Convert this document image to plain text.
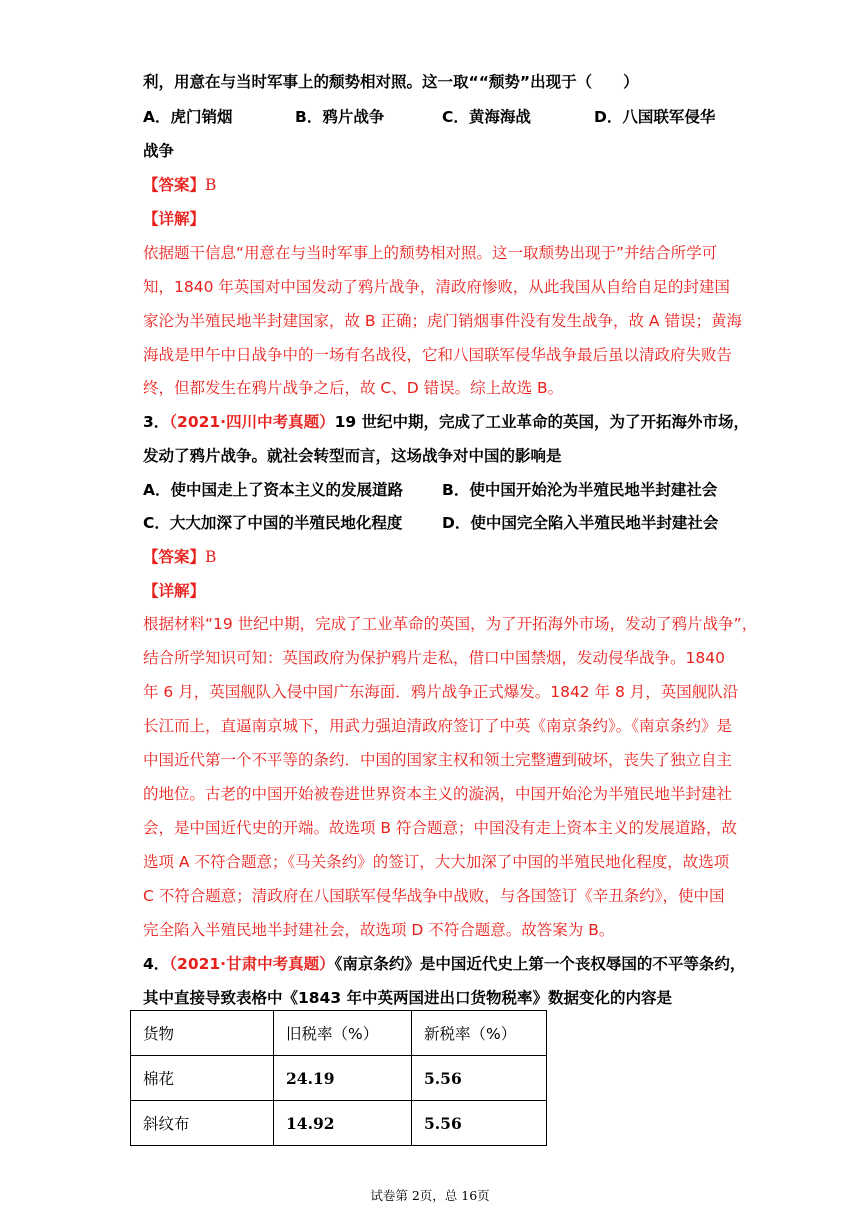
利，用意在与当时军事上的颓势相对照。这一取““颓势”出现于（　　）
A．虎门销烟	B．鸦片战争	C．黄海海战	D．八国联军侵华
战争
【答案】B
【详解】
依据题干信息“用意在与当时军事上的颓势相对照。这一取颓势出现于”并结合所学可
知，1840 年英国对中国发动了鸦片战争，清政府惨败，从此我国从自给自足的封建国
家沦为半殖民地半封建国家，故 B 正确；虎门销烟事件没有发生战争，故 A 错误；黄海
海战是甲午中日战争中的一场有名战役，它和八国联军侵华战争最后虽以清政府失败告
终，但都发生在鸦片战争之后，故 C、D 错误。综上故选 B。
3．（2021·四川中考真题）19 世纪中期，完成了工业革命的英国，为了开拓海外市场，
发动了鸦片战争。就社会转型而言，这场战争对中国的影响是
A．使中国走上了资本主义的发展道路	B．使中国开始沦为半殖民地半封建社会
C．大大加深了中国的半殖民地化程度	D．使中国完全陷入半殖民地半封建社会
【答案】B
【详解】
根据材料“19 世纪中期，完成了工业革命的英国，为了开拓海外市场，发动了鸦片战争”，
结合所学知识可知：英国政府为保护鸦片走私，借口中国禁烟，发动侵华战争。1840
年 6 月，英国舰队入侵中国广东海面．鸦片战争正式爆发。1842 年 8 月，英国舰队沿
长江而上，直逼南京城下，用武力强迫清政府签订了中英《南京条约》。《南京条约》是
中国近代第一个不平等的条约．中国的国家主权和领土完整遭到破坏，丧失了独立自主
的地位。古老的中国开始被卷进世界资本主义的漩涡，中国开始沦为半殖民地半封建社
会，是中国近代史的开端。故选项 B 符合题意；中国没有走上资本主义的发展道路，故
选项 A 不符合题意；《马关条约》的签订，大大加深了中国的半殖民地化程度，故选项
C 不符合题意；清政府在八国联军侵华战争中战败，与各国签订《辛丑条约》，使中国
完全陷入半殖民地半封建社会，故选项 D 不符合题意。故答案为 B。
4．（2021·甘肃中考真题）《南京条约》是中国近代史上第一个丧权辱国的不平等条约，
其中直接导致表格中《1843 年中英两国进出口货物税率》数据变化的内容是
货物	旧税率（%）	新税率（%）
棉花	24.19	5.56
斜纹布	14.92	5.56
试卷第 2页，总 16页
